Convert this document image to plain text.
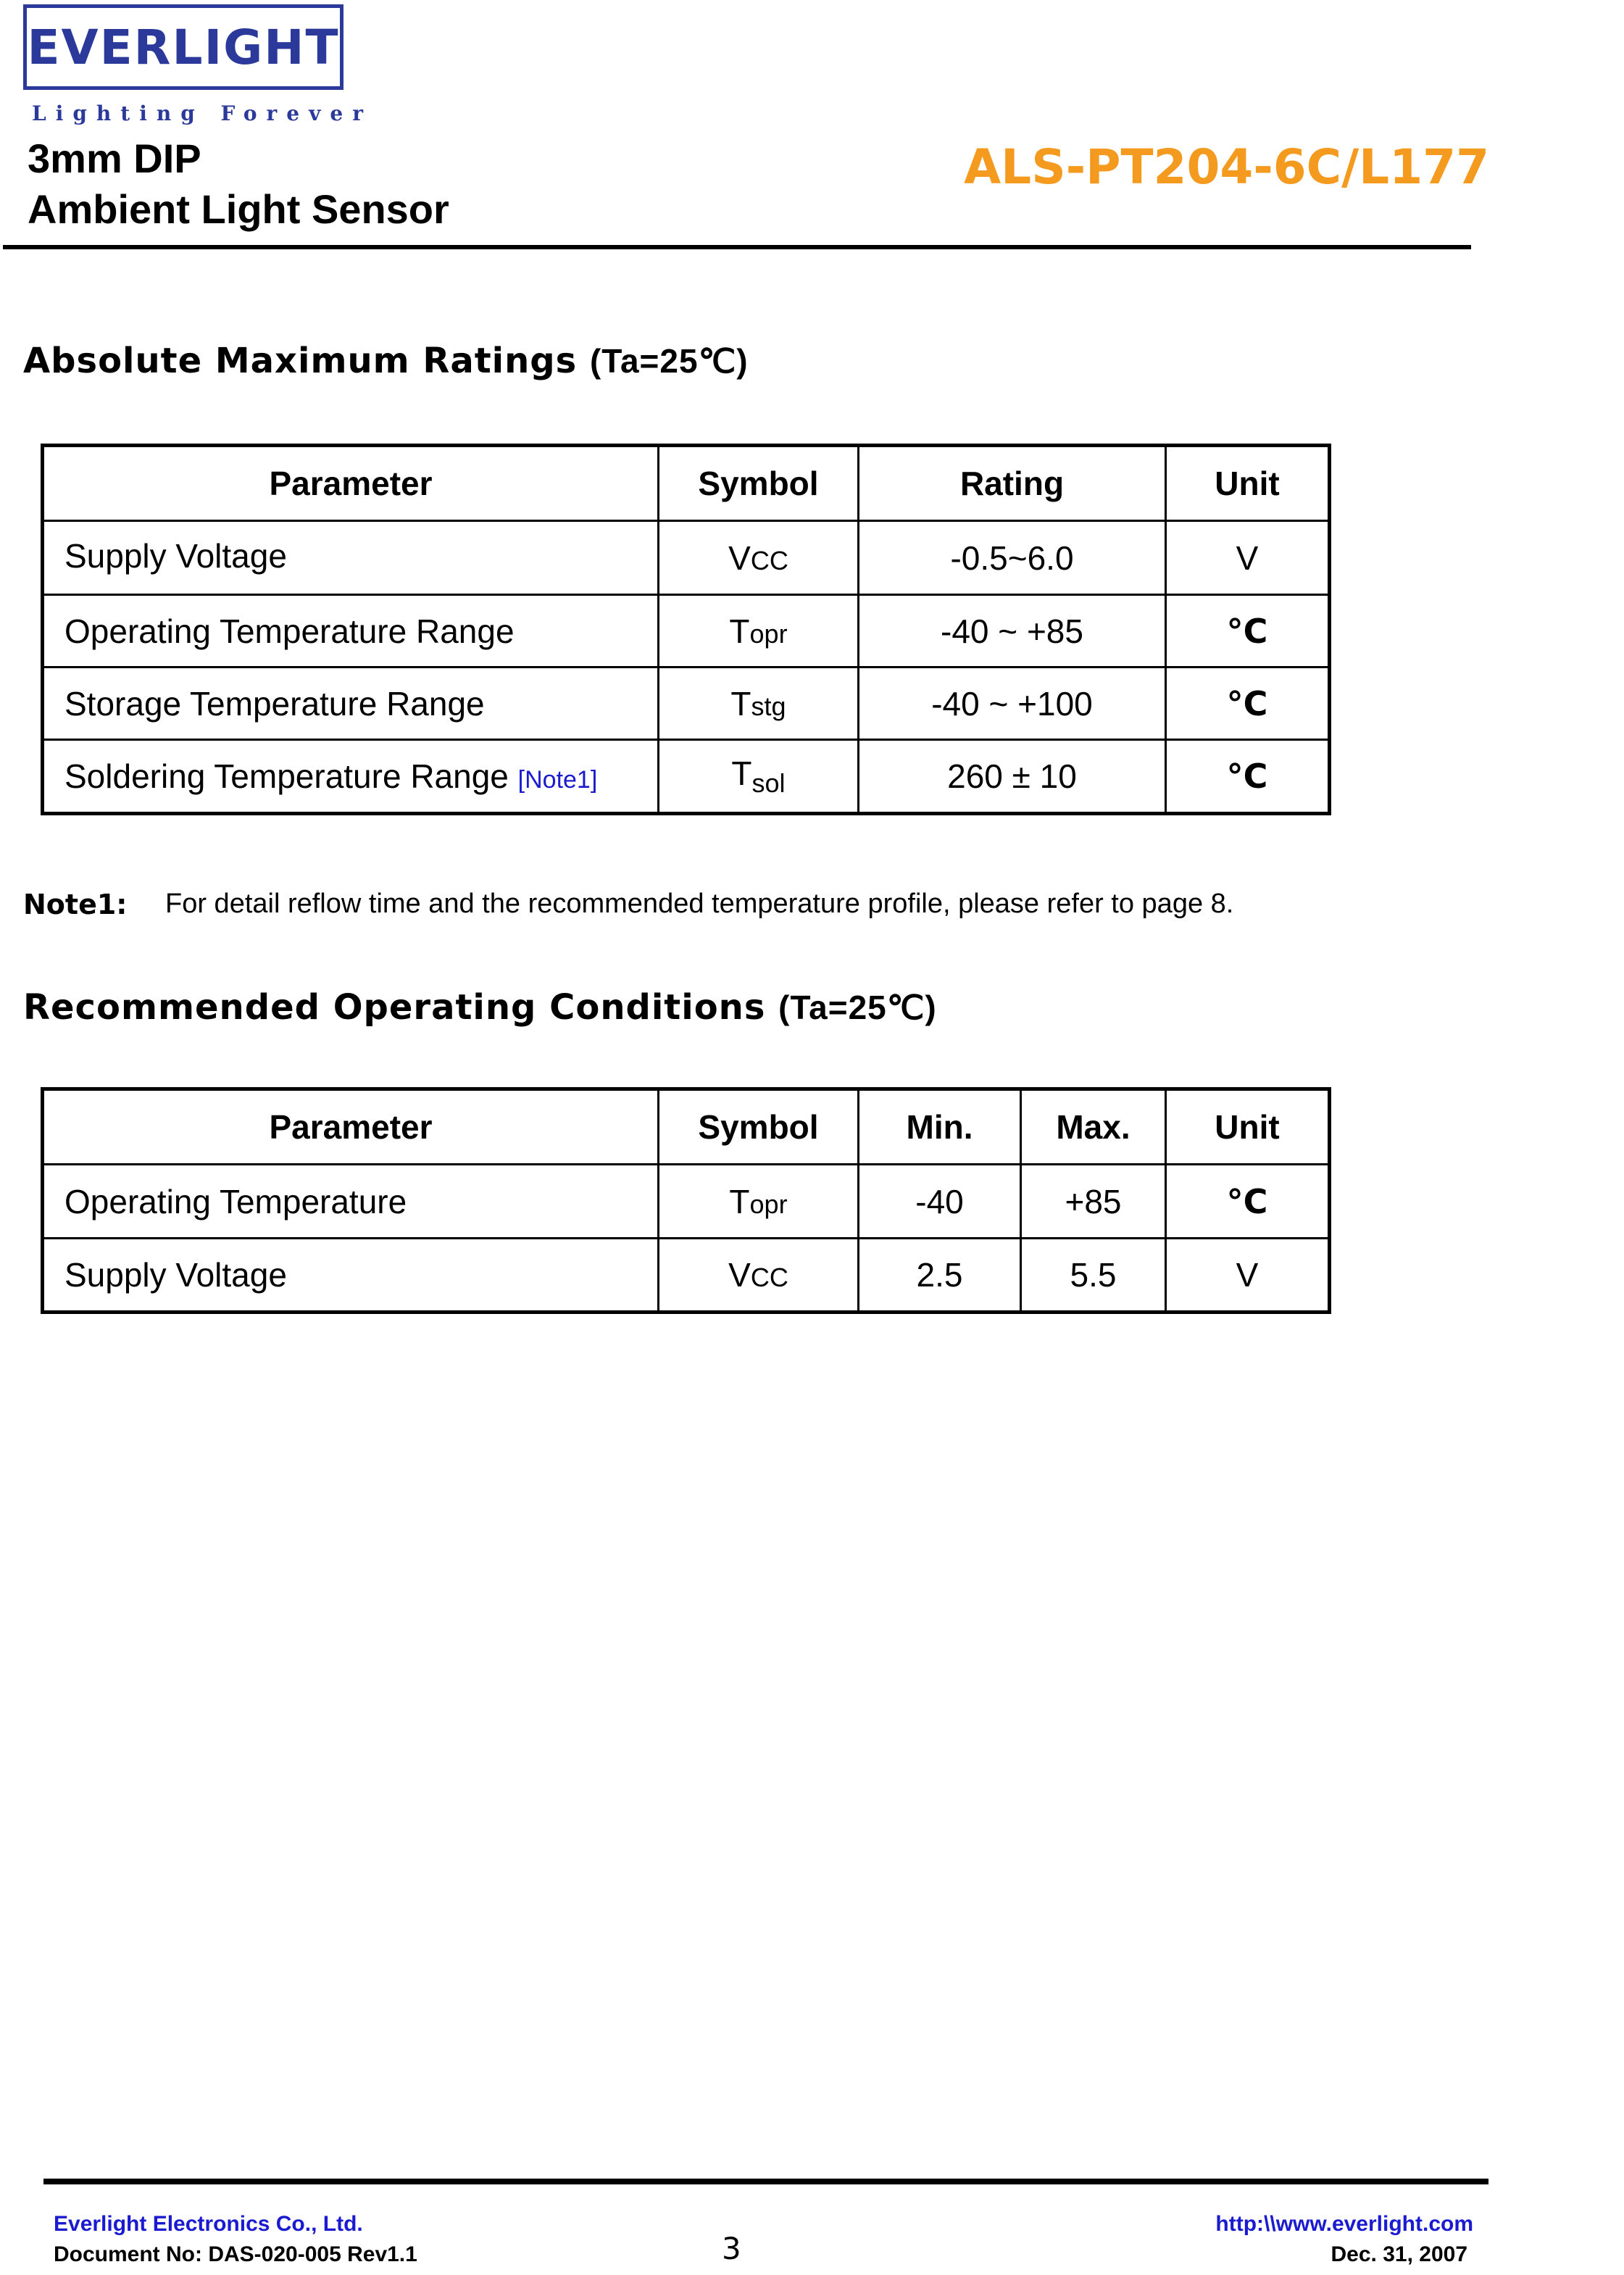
EVERLIGHT
Lighting Forever
3mm DIP
Ambient Light Sensor
ALS-PT204-6C/L177
Absolute Maximum Ratings (Ta=25℃)
Parameter	Symbol	Rating	Unit
Supply Voltage	VCC	-0.5~6.0	V
Operating Temperature Range	Topr	-40 ~ +85	°C
Storage Temperature Range	Tstg	-40 ~ +100	°C
Soldering Temperature Range [Note1]	$T_{sol}$	260 ± 10	°C
Note1: For detail reflow time and the recommended temperature profile, please refer to page 8.
Recommended Operating Conditions (Ta=25℃)
Parameter	Symbol	Min.	Max.	Unit
Operating Temperature	Topr	-40	+85	°C
Supply Voltage	VCC	2.5	5.5	V
Everlight Electronics Co., Ltd.
Document No: DAS-020-005 Rev1.1	3
http:\\www.everlight.com
Dec. 31, 2007
